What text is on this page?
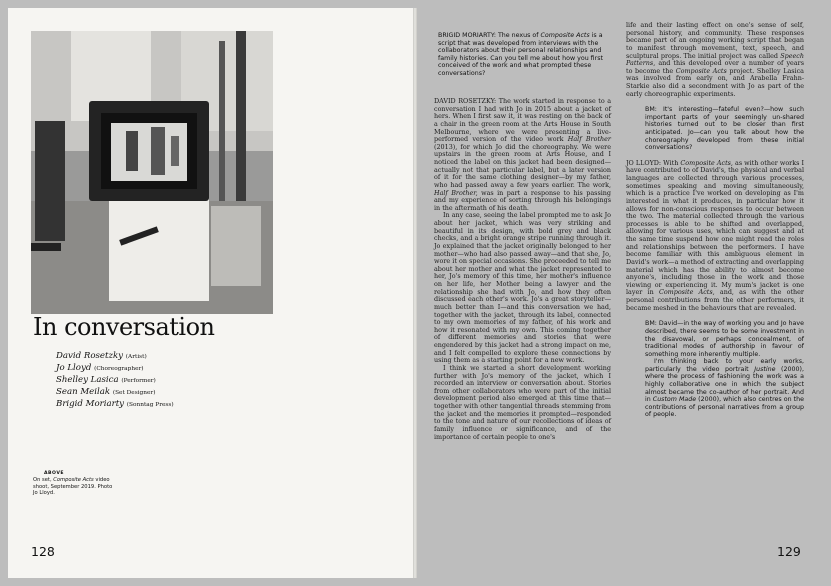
In conversation
David Rosetzky (Artist)
Jo Lloyd (Choreographer)
Shelley Lasica (Performer)
Sean Meilak (Set Designer)
Brigid Moriarty (Sonntag Press)
ABOVE
On set, Composite Acts video shoot, September 2019. Photo Jo Lloyd.
128
BRIGID MORIARTY: The nexus of Composite Acts is a script that was developed from interviews with the collaborators about their personal relationships and family histories. Can you tell me about how you first conceived of the work and what prompted these conversations?

DAVID ROSETZKY: The work started in response to a conversation I had with Jo in 2015 about a jacket of hers. When I first saw it, it was resting on the back of a chair in the green room at the Arts House in South Melbourne, where we were presenting a live-performed version of the video work Half Brother (2013), for which Jo did the choreography. We were upstairs in the green room at Arts House, and I noticed the label on this jacket had been designed—actually not that particular label, but a later version of it for the same clothing designer—by my father, who had passed away a few years earlier. The work, Half Brother, was in part a response to his passing and my experience of sorting through his belongings in the aftermath of his death.

In any case, seeing the label prompted me to ask Jo about her jacket, which was very striking and beautiful in its design, with bold grey and black checks, and a bright orange stripe running through it. Jo explained that the jacket originally belonged to her mother—who had also passed away—and that she, Jo, wore it on special occasions. She proceeded to tell me about her mother and what the jacket represented to her, Jo's memory of this time, her mother's influence on her life, her Mother being a lawyer and the relationship she had with Jo, and how they often discussed each other's work. Jo's a great storyteller—much better than I—and this conversation we had, together with the jacket, through its label, connected to my own memories of my father, of his work and how it resonated with my own. This coming together of different memories and stories that were engendered by this jacket had a strong impact on me, and I felt compelled to explore these connections by using them as a starting point for a new work.

I think we started a short development working further with Jo's memory of the jacket, which I recorded an interview or conversation about. Stories from other collaborators who were part of the initial development period also emerged at this time that—together with other tangential threads stemming from the jacket and the memories it prompted—responded to the tone and nature of our recollections of ideas of family influence or significance, and of the importance of certain people to one's

life and their lasting effect on one's sense of self, personal history, and community. These responses became part of an ongoing working script that began to manifest through movement, text, speech, and sculptural props. The initial project was called Speech Patterns, and this developed over a number of years to become the Composite Acts project. Shelley Lasica was involved from early on, and Arabella Frahn-Starkie also did a secondment with Jo as part of the early choreographic experiments.

BM: It's interesting—fateful even?—how such important parts of your seemingly un-shared histories turned out to be closer than first anticipated. Jo—can you talk about how the choreography developed from these initial conversations?

JO LLOYD: With Composite Acts, as with other works I have contributed to of David's, the physical and verbal languages are collected through various processes, sometimes speaking and moving simultaneously, which is a practice I've worked on developing as I'm interested in what it produces, in particular how it allows for non-conscious responses to occur between the two. The material collected through the various processes is able to be shifted and overlapped, allowing for various uses, which can suggest and at the same time suspend how one might read the roles and relationships between the performers. I have become familiar with this ambiguous element in David's work—a method of extracting and overlapping material which has the ability to almost become anyone's, including those in the work and those viewing or experiencing it. My mum's jacket is one layer in Composite Acts, and, as with the other personal contributions from the other performers, it became meshed in the behaviours that are revealed.

BM: David—in the way of working you and Jo have described, there seems to be some investment in the disavowal, or perhaps concealment, of traditional modes of authorship in favour of something more inherently multiple.

I'm thinking back to your early works, particularly the video portrait Justine (2000), where the process of fashioning the work was a highly collaborative one in which the subject almost became the co-author of her portrait. And in Custom Made (2000), which also centres on the contributions of personal narratives from a group of people.

129
